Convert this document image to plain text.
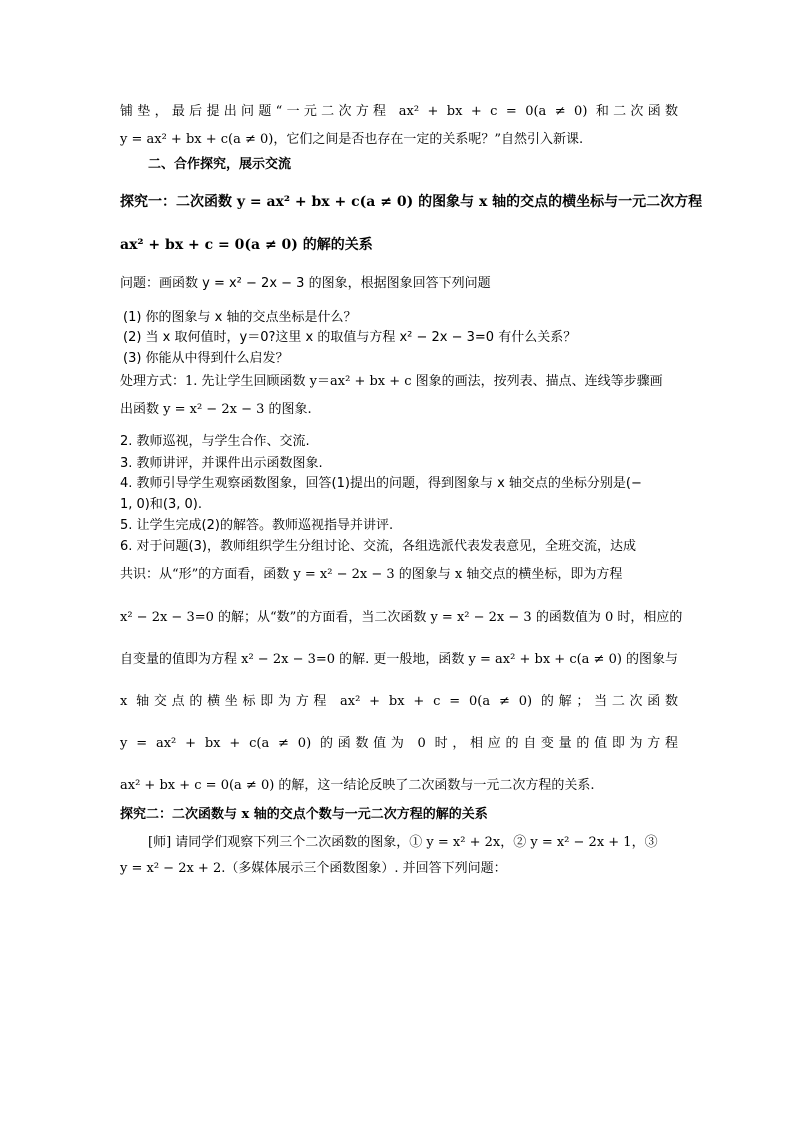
铺垫，最后提出问题“一元二次方程 ax² + bx + c = 0(a ≠ 0) 和二次函数
y = ax² + bx + c(a ≠ 0)，它们之间是否也存在一定的关系呢？”自然引入新课.
二、合作探究，展示交流
探究一：二次函数 y = ax² + bx + c(a ≠ 0) 的图象与 x 轴的交点的横坐标与一元二次方程
ax² + bx + c = 0(a ≠ 0) 的解的关系
问题：画函数 y = x² − 2x − 3 的图象，根据图象回答下列问题
(1) 你的图象与 x 轴的交点坐标是什么？
(2) 当 x 取何值时，y＝0?这里 x 的取值与方程 x² − 2x − 3=0 有什么关系？
(3) 你能从中得到什么启发？
处理方式：1. 先让学生回顾函数 y＝ax² + bx + c 图象的画法，按列表、描点、连线等步骤画
出函数 y = x² − 2x − 3 的图象.
2. 教师巡视，与学生合作、交流.
3. 教师讲评，并课件出示函数图象.
4. 教师引导学生观察函数图象，回答(1)提出的问题，得到图象与 x 轴交点的坐标分别是(−
1, 0)和(3, 0).
5. 让学生完成(2)的解答。教师巡视指导并讲评.
6. 对于问题(3)，教师组织学生分组讨论、交流，各组选派代表发表意见，全班交流，达成
共识：从“形”的方面看，函数 y = x² − 2x − 3 的图象与 x 轴交点的横坐标，即为方程
x² − 2x − 3=0 的解；从“数”的方面看，当二次函数 y = x² − 2x − 3 的函数值为 0 时，相应的
自变量的值即为方程 x² − 2x − 3=0 的解. 更一般地，函数 y = ax² + bx + c(a ≠ 0) 的图象与
x 轴交点的横坐标即为方程 ax² + bx + c = 0(a ≠ 0) 的解；当二次函数
y = ax² + bx + c(a ≠ 0) 的函数值为 0 时，相应的自变量的值即为方程
ax² + bx + c = 0(a ≠ 0) 的解，这一结论反映了二次函数与一元二次方程的关系.
探究二：二次函数与 x 轴的交点个数与一元二次方程的解的关系
[师] 请同学们观察下列三个二次函数的图象，① y = x² + 2x，② y = x² − 2x + 1，③
y = x² − 2x + 2.（多媒体展示三个函数图象）. 并回答下列问题：
